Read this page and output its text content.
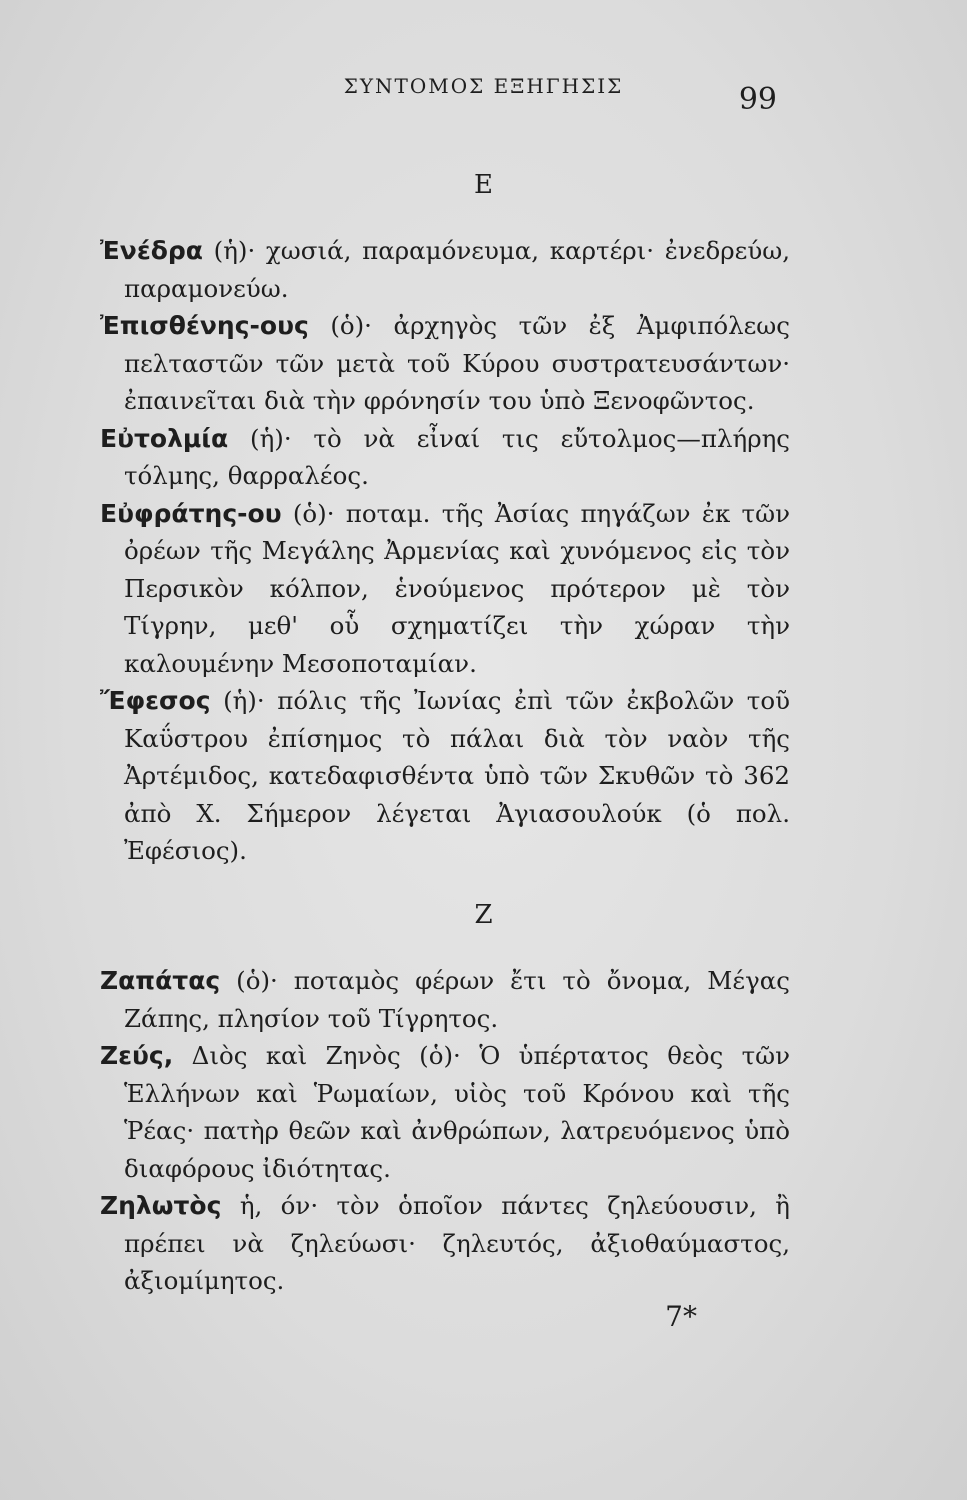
ΣΥΝΤΟΜΟΣ ΕΞΗΓΗΣΙΣ	99
E

Ἐνέδρα (ἡ)· χωσιά, παραμόνευμα, καρτέρι· ἐνεδρεύω, παραμονεύω.

Ἐπισθένης-ους (ὁ)· ἀρχηγὸς τῶν ἐξ Ἀμφιπόλεως πελταστῶν τῶν μετὰ τοῦ Κύρου συστρατευσάντων· ἐπαινεῖται διὰ τὴν φρόνησίν του ὑπὸ Ξενοφῶντος.

Εὐτολμία (ἡ)· τὸ νὰ εἶναί τις εὔτολμος—πλήρης τόλμης, θαρραλέος.

Εὐφράτης-ου (ὁ)· ποταμ. τῆς Ἀσίας πηγάζων ἐκ τῶν ὀρέων τῆς Μεγάλης Ἀρμενίας καὶ χυνόμενος εἰς τὸν Περσικὸν κόλπον, ἑνούμενος πρότερον μὲ τὸν Τίγρην, μεθ' οὗ σχηματίζει τὴν χώραν τὴν καλουμένην Μεσοποταμίαν.

Ἔφεσος (ἡ)· πόλις τῆς Ἰωνίας ἐπὶ τῶν ἐκβολῶν τοῦ Καΰστρου ἐπίσημος τὸ πάλαι διὰ τὸν ναὸν τῆς Ἀρτέμιδος, κατεδαφισθέντα ὑπὸ τῶν Σκυθῶν τὸ 362 ἀπὸ Χ. Σήμερον λέγεται Ἀγιασουλούκ (ὁ πολ. Ἐφέσιος).

Z

Ζαπάτας (ὁ)· ποταμὸς φέρων ἔτι τὸ ὄνομα, Μέγας Ζάπης, πλησίον τοῦ Τίγρητος.

Ζεύς, Διὸς καὶ Ζηνὸς (ὁ)· Ὁ ὑπέρτατος θεὸς τῶν Ἑλλήνων καὶ Ῥωμαίων, υἱὸς τοῦ Κρόνου καὶ τῆς Ῥέας· πατὴρ θεῶν καὶ ἀνθρώπων, λατρευόμενος ὑπὸ διαφόρους ἰδιότητας.

Ζηλωτὸς ἡ, όν· τὸν ὁποῖον πάντες ζηλεύουσιν, ἢ πρέπει νὰ ζηλεύωσι· ζηλευτός, ἀξιοθαύμαστος, ἀξιομίμητος.

7*
